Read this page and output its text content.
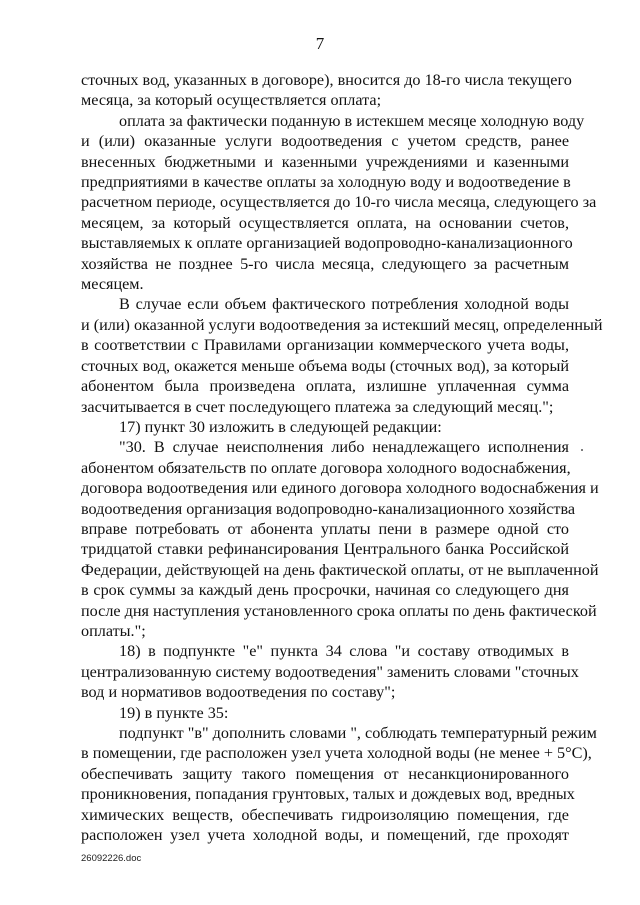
7
сточных вод, указанных в договоре), вносится до 18-го числа текущего
месяца, за который осуществляется оплата;
оплата за фактически поданную в истекшем месяце холодную воду
и (или) оказанные услуги водоотведения с учетом средств, ранее
внесенных бюджетными и казенными учреждениями и казенными
предприятиями в качестве оплаты за холодную воду и водоотведение в
расчетном периоде, осуществляется до 10-го числа месяца, следующего за
месяцем, за который осуществляется оплата, на основании счетов,
выставляемых к оплате организацией водопроводно-канализационного
хозяйства не позднее 5-го числа месяца, следующего за расчетным
месяцем.
В случае если объем фактического потребления холодной воды
и (или) оказанной услуги водоотведения за истекший месяц, определенный
в соответствии с Правилами организации коммерческого учета воды,
сточных вод, окажется меньше объема воды (сточных вод), за который
абонентом была произведена оплата, излишне уплаченная сумма
засчитывается в счет последующего платежа за следующий месяц.";
17) пункт 30 изложить в следующей редакции:
"30. В случае неисполнения либо ненадлежащего исполнения
абонентом обязательств по оплате договора холодного водоснабжения,
договора водоотведения или единого договора холодного водоснабжения и
водоотведения организация водопроводно-канализационного хозяйства
вправе потребовать от абонента уплаты пени в размере одной сто
тридцатой ставки рефинансирования Центрального банка Российской
Федерации, действующей на день фактической оплаты, от не выплаченной
в срок суммы за каждый день просрочки, начиная со следующего дня
после дня наступления установленного срока оплаты по день фактической
оплаты.";
18) в подпункте "е" пункта 34 слова "и составу отводимых в
централизованную систему водоотведения" заменить словами "сточных
вод и нормативов водоотведения по составу";
19) в пункте 35:
подпункт "в" дополнить словами ", соблюдать температурный режим
в помещении, где расположен узел учета холодной воды (не менее + 5°C),
обеспечивать защиту такого помещения от несанкционированного
проникновения, попадания грунтовых, талых и дождевых вод, вредных
химических веществ, обеспечивать гидроизоляцию помещения, где
расположен узел учета холодной воды, и помещений, где проходят
26092226.doc
